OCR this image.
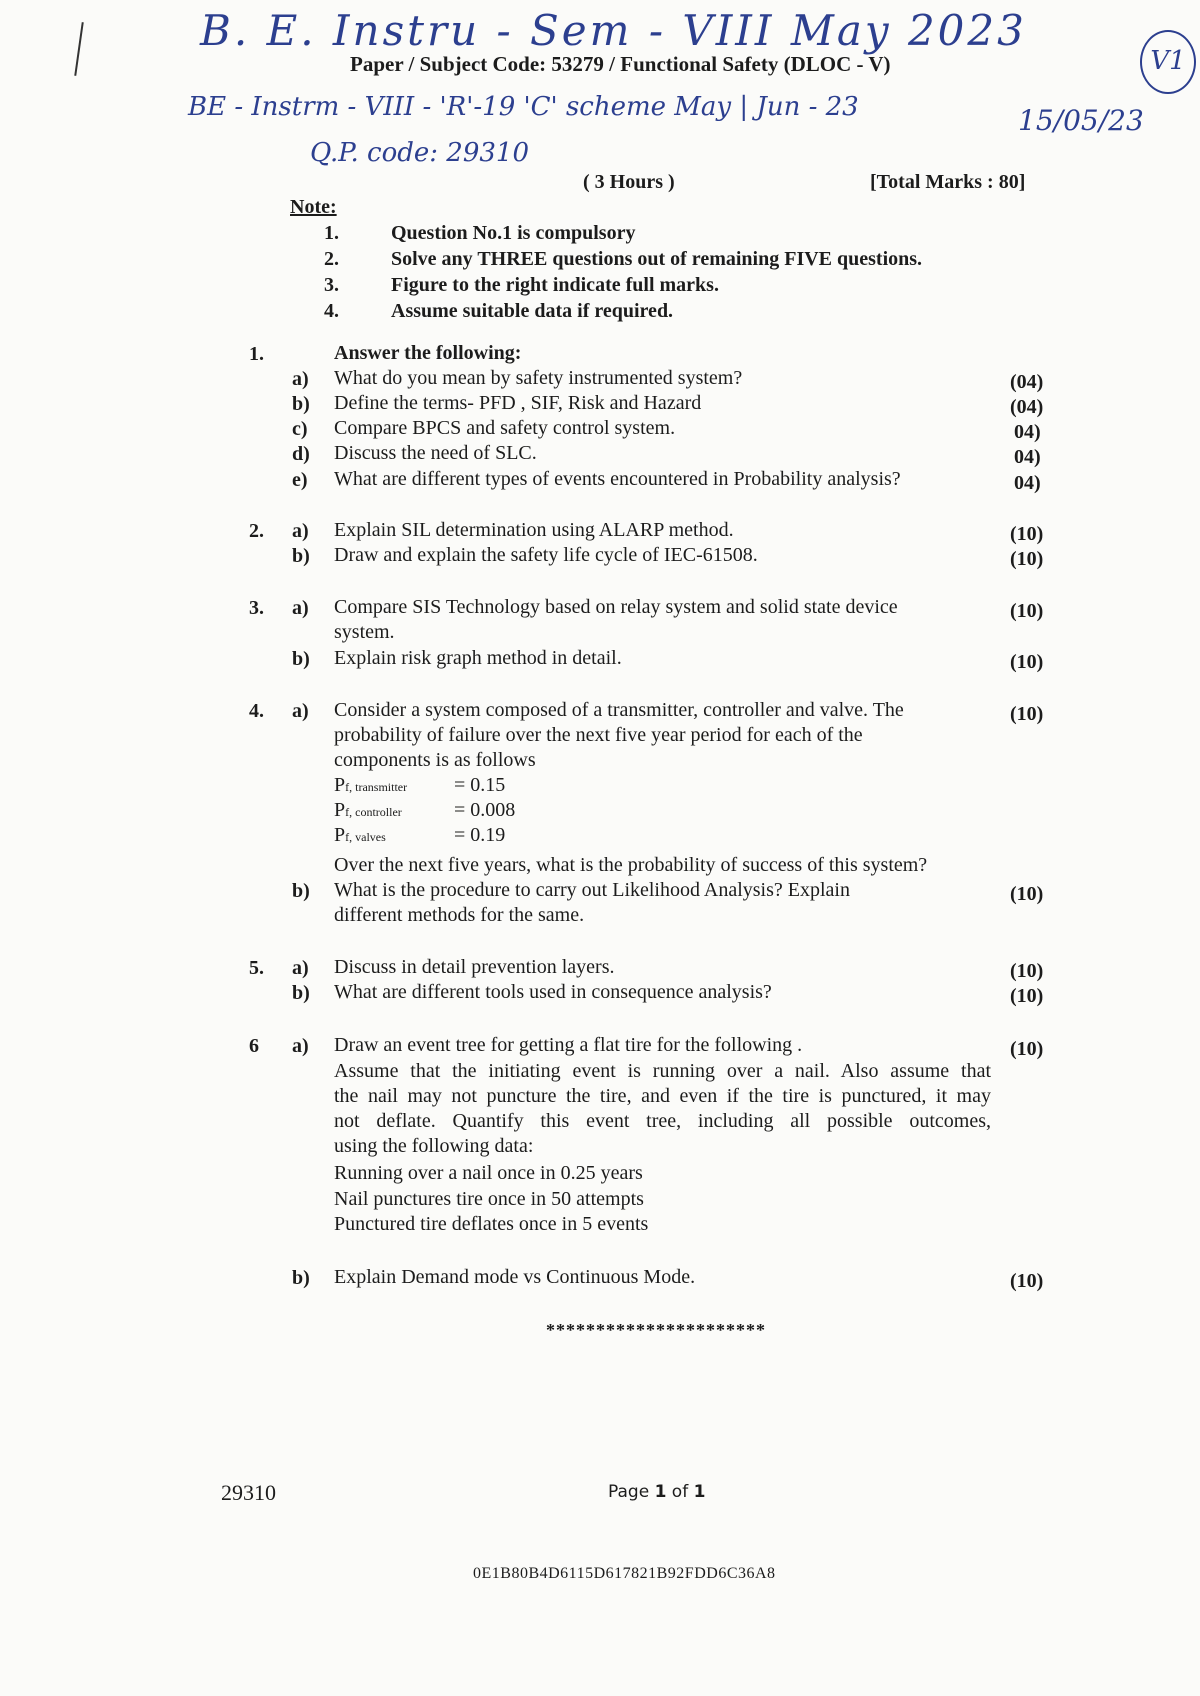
B. E. Instru - Sem - VIII May 2023
V1
BE - Instrm - VIII - 'R'-19 'C' scheme May | Jun - 23	15/05/23
Q.P. code: 29310
Paper / Subject Code: 53279 / Functional Safety (DLOC - V)
( 3 Hours )	[Total Marks : 80]
Note:
1.	Question No.1 is compulsory
2.	Solve any THREE questions out of remaining FIVE questions.
3.	Figure to the right indicate full marks.
4.	Assume suitable data if required.
1.	Answer the following:
a) What do you mean by safety instrumented system?	(04)
b) Define the terms- PFD , SIF, Risk and Hazard	(04)
c) Compare BPCS and safety control system.	04)
d) Discuss the need of SLC.	04)
e) What are different types of events encountered in Probability analysis?	04)
2. a) Explain SIL determination using ALARP method.	(10)
b) Draw and explain the safety life cycle of IEC-61508.	(10)
3. a) Compare SIS Technology based on relay system and solid state device
system.
(10)
b) Explain risk graph method in detail.	(10)
4. a) Consider a system composed of a transmitter, controller and valve. The
probability of failure over the next five year period for each of the
components is as follows
(10)
Pf, transmitter = 0.15
Pf, controller	= 0.008
Pf, valves	= 0.19
Over the next five years, what is the probability of success of this system?
b) What is the procedure to carry out Likelihood Analysis? Explain
different methods for the same.
(10)
5. a) Discuss in detail prevention layers.	(10)
b) What are different tools used in consequence analysis?	(10)
6 a) Draw an event tree for getting a flat tire for the following .	(10)
Assume that the initiating event is running over a nail. Also assume that
the nail may not puncture the tire, and even if the tire is punctured, it may
not deflate. Quantify this event tree, including all possible outcomes,
using the following data:
Running over a nail once in 0.25 years
Nail punctures tire once in 50 attempts
Punctured tire deflates once in 5 events
b) Explain Demand mode vs Continuous Mode.	(10)
**********************
29310	Page 1 of 1
0E1B80B4D6115D617821B92FDD6C36A8
